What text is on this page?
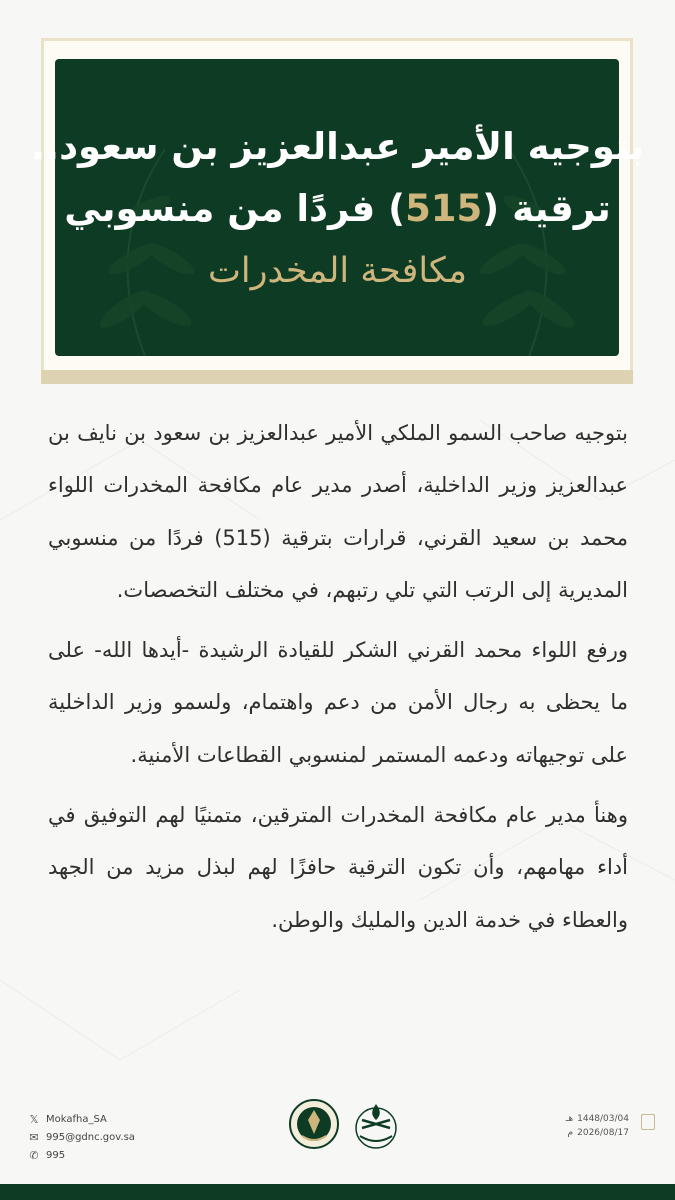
بتوجيه الأمير عبدالعزيز بن سعود..
ترقية (515) فردًا من منسوبي
مكافحة المخدرات

بتوجيه صاحب السمو الملكي الأمير عبدالعزيز بن سعود بن نايف بن عبدالعزيز وزير الداخلية، أصدر مدير عام مكافحة المخدرات اللواء محمد بن سعيد القرني، قرارات بترقية (515) فردًا من منسوبي المديرية إلى الرتب التي تلي رتبهم، في مختلف التخصصات.

ورفع اللواء محمد القرني الشكر للقيادة الرشيدة -أيدها الله- على ما يحظى به رجال الأمن من دعم واهتمام، ولسمو وزير الداخلية على توجيهاته ودعمه المستمر لمنسوبي القطاعات الأمنية.

وهنأ مدير عام مكافحة المخدرات المترقين، متمنيًا لهم التوفيق في أداء مهامهم، وأن تكون الترقية حافزًا لهم لبذل مزيد من الجهد والعطاء في خدمة الدين والمليك والوطن.

𝕏 Mokafha_SA
✉ 995@gdnc.gov.sa
✆ 995
هـ 1448/03/04
م 2026/08/17
